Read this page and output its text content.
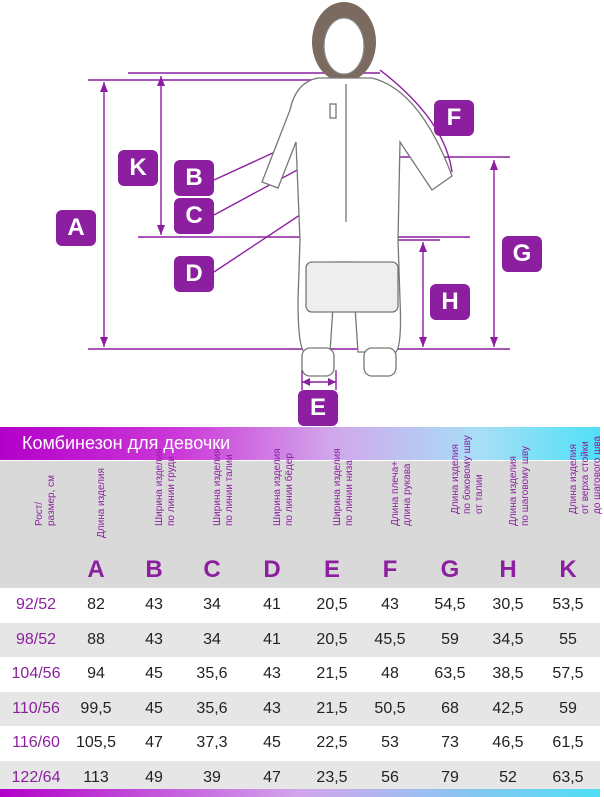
A
B
C
D
E
F
G
H
K
Комбинезон для девочки
Рост/
размер, см	Длина изделия
A
Ширина изделия
по линии груди
B
Ширина изделия
по линии талии
C
Ширина изделия
по линии бёдер
D
Ширина изделия
по линии низа
E
Длина плеча+
длина рукава
F
Длина изделия
по боковому шву
от талии
G
Длина изделия
по шаговому шву
H
Длина изделия
от верха стойки
до шагового шва
K
92/52	82	43	34	41	20,5	43	54,5	30,5	53,5
98/52	88	43	34	41	20,5	45,5	59	34,5	55
104/56	94	45	35,6	43	21,5	48	63,5	38,5	57,5
110/56	99,5	45	35,6	43	21,5	50,5	68	42,5	59
116/60	105,5	47	37,3	45	22,5	53	73	46,5	61,5
122/64	113	49	39	47	23,5	56	79	52	63,5
